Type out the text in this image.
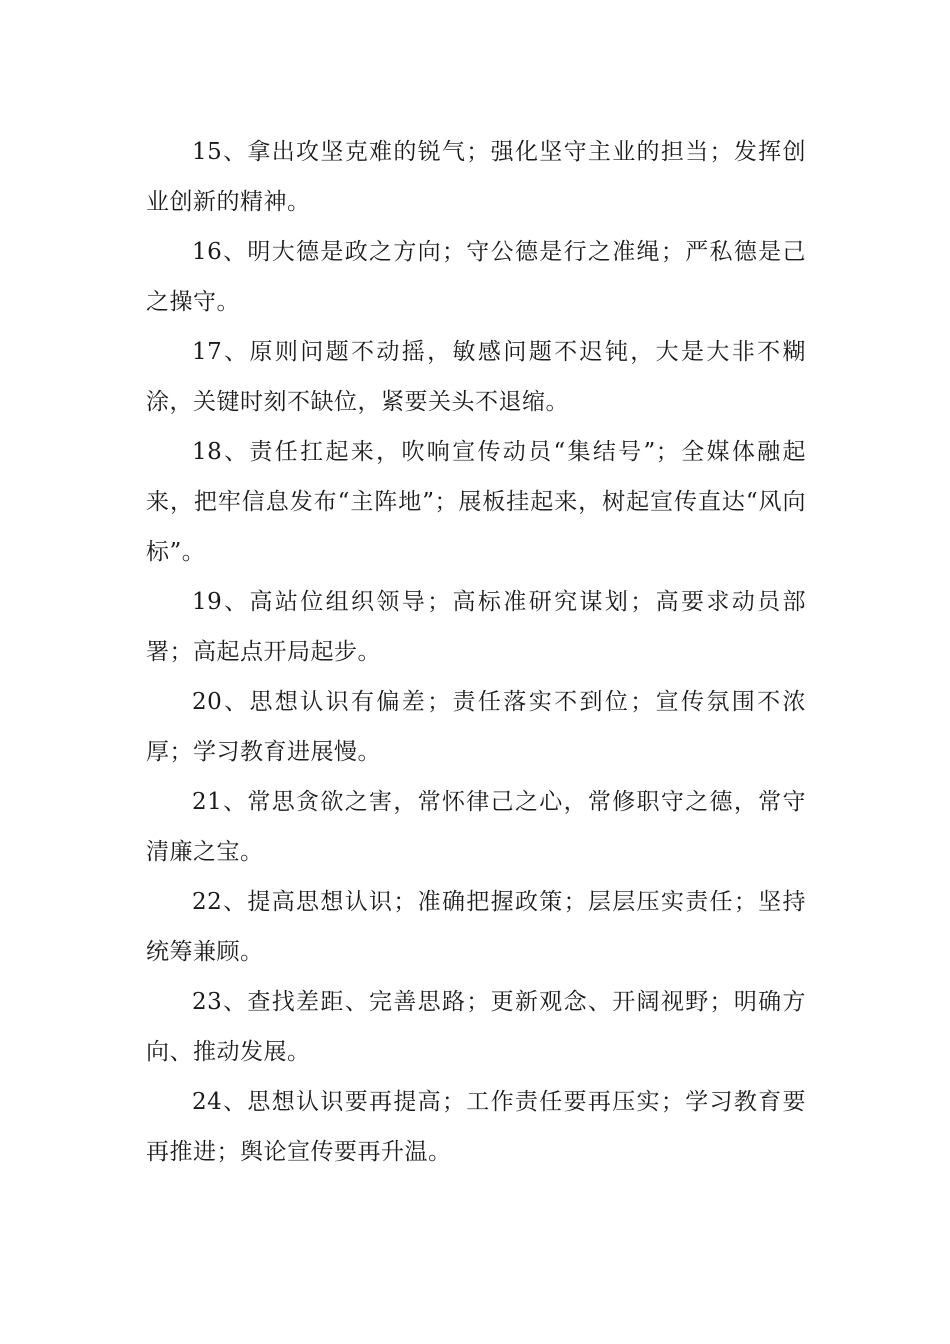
15、拿出攻坚克难的锐气；强化坚守主业的担当；发挥创业创新的精神。

16、明大德是政之方向；守公德是行之准绳；严私德是己之操守。

17、原则问题不动摇，敏感问题不迟钝，大是大非不糊涂，关键时刻不缺位，紧要关头不退缩。

18、责任扛起来，吹响宣传动员“集结号”；全媒体融起来，把牢信息发布“主阵地”；展板挂起来，树起宣传直达“风向标”。

19、高站位组织领导；高标准研究谋划；高要求动员部署；高起点开局起步。

20、思想认识有偏差；责任落实不到位；宣传氛围不浓厚；学习教育进展慢。

21、常思贪欲之害，常怀律己之心，常修职守之德，常守清廉之宝。

22、提高思想认识；准确把握政策；层层压实责任；坚持统筹兼顾。

23、查找差距、完善思路；更新观念、开阔视野；明确方向、推动发展。

24、思想认识要再提高；工作责任要再压实；学习教育要再推进；舆论宣传要再升温。
